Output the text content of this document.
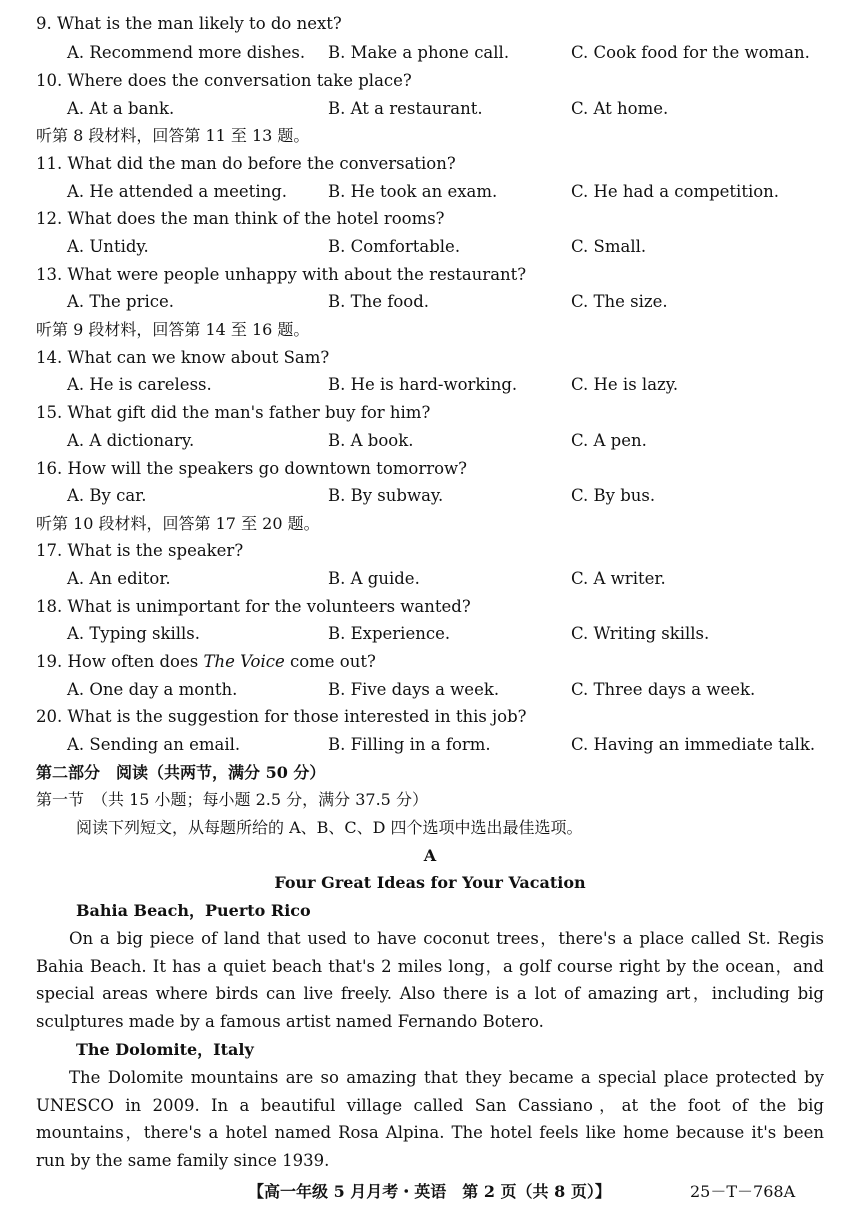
9. What is the man likely to do next?
A. Recommend more dishes. B. Make a phone call.	C. Cook food for the woman.
10. Where does the conversation take place?
A. At a bank.	B. At a restaurant.	C. At home.
听第 8 段材料，回答第 11 至 13 题。
11. What did the man do before the conversation?
A. He attended a meeting. B. He took an exam.	C. He had a competition.
12. What does the man think of the hotel rooms?
A. Untidy.	B. Comfortable.	C. Small.
13. What were people unhappy with about the restaurant?
A. The price.	B. The food.	C. The size.
听第 9 段材料，回答第 14 至 16 题。
14. What can we know about Sam?
A. He is careless.	B. He is hard-working.	C. He is lazy.
15. What gift did the man's father buy for him?
A. A dictionary.	B. A book.	C. A pen.
16. How will the speakers go downtown tomorrow?
A. By car.	B. By subway.	C. By bus.
听第 10 段材料，回答第 17 至 20 题。
17. What is the speaker?
A. An editor.	B. A guide.	C. A writer.
18. What is unimportant for the volunteers wanted?
A. Typing skills.	B. Experience.	C. Writing skills.
19. How often does The Voice come out?
A. One day a month.	B. Five days a week.	C. Three days a week.
20. What is the suggestion for those interested in this job?
A. Sending an email.	B. Filling in a form.	C. Having an immediate talk.
第二部分　阅读（共两节，满分 50 分）
第一节　（共 15 小题；每小题 2.5 分，满分 37.5 分）
阅读下列短文，从每题所给的 A、B、C、D 四个选项中选出最佳选项。
A
Four Great Ideas for Your Vacation
Bahia Beach，Puerto Rico
On a big piece of land that used to have coconut trees，there's a place called St. Regis Bahia Beach. It has a quiet beach that's 2 miles long，a golf course right by the ocean，and special areas where birds can live freely. Also there is a lot of amazing art，including big sculptures made by a famous artist named Fernando Botero.
The Dolomite，Italy
The Dolomite mountains are so amazing that they became a special place protected by UNESCO in 2009. In a beautiful village called San Cassiano，at the foot of the big mountains，there's a hotel named Rosa Alpina. The hotel feels like home because it's been run by the same family since 1939.
【高一年级 5 月月考・英语　第 2 页（共 8 页）】	25－T－768A
